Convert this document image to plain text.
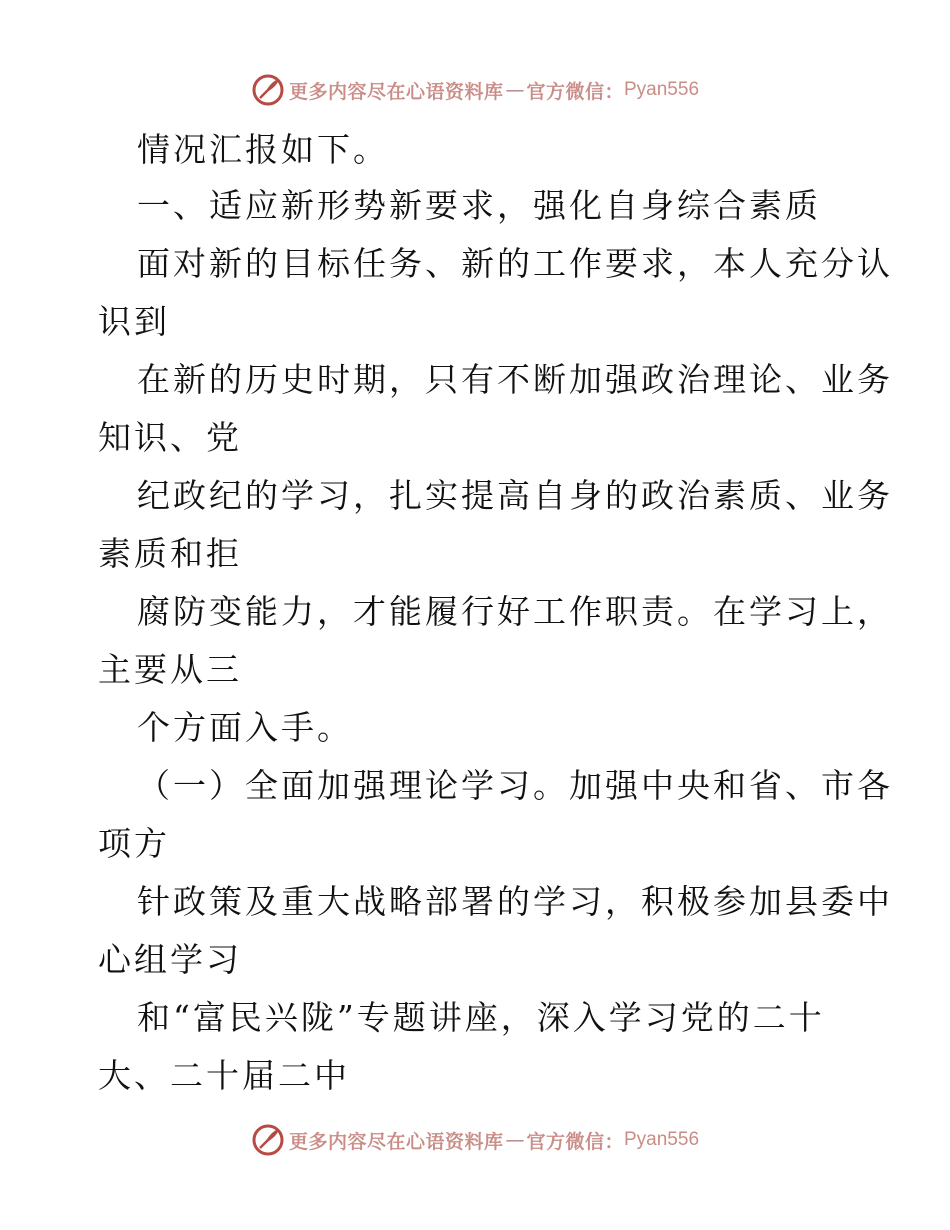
更多内容尽在心语资料库 — 官方微信： Pyan556
情况汇报如下。
一、适应新形势新要求，强化自身综合素质
面对新的目标任务、新的工作要求，本人充分认
识到
在新的历史时期，只有不断加强政治理论、业务
知识、党
纪政纪的学习，扎实提高自身的政治素质、业务
素质和拒
腐防变能力，才能履行好工作职责。在学习上，
主要从三
个方面入手。
（一）全面加强理论学习。加强中央和省、市各
项方
针政策及重大战略部署的学习，积极参加县委中
心组学习
和“富民兴陇”专题讲座，深入学习党的二十
大、二十届二中
更多内容尽在心语资料库 — 官方微信： Pyan556
